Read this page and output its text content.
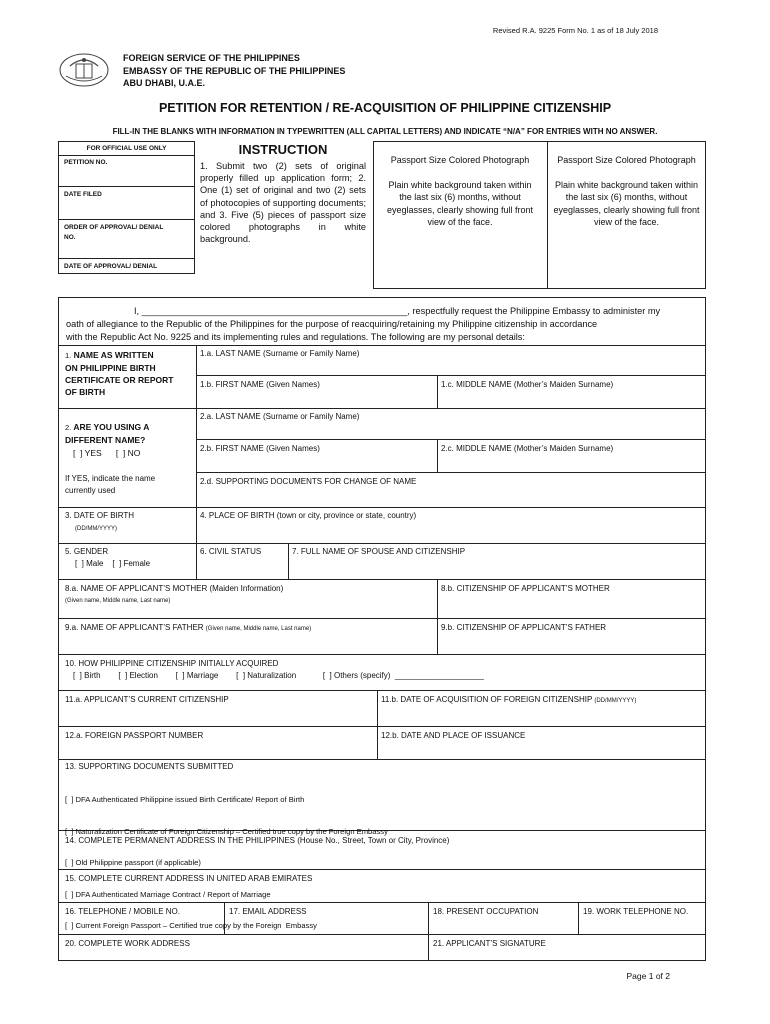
Revised R.A. 9225 Form No. 1 as of 18 July 2018
FOREIGN SERVICE OF THE PHILIPPINES
EMBASSY OF THE REPUBLIC OF THE PHILIPPINES
ABU DHABI, U.A.E.
PETITION FOR RETENTION / RE-ACQUISITION OF PHILIPPINE CITIZENSHIP
FILL-IN THE BLANKS WITH INFORMATION IN TYPEWRITTEN (ALL CAPITAL LETTERS) AND INDICATE “N/A” FOR ENTRIES WITH NO ANSWER.
FOR OFFICIAL USE ONLY
PETITION NO.
DATE FILED
ORDER OF APPROVAL/ DENIAL
NO.
DATE OF APPROVAL/ DENIAL
INSTRUCTION
1. Submit two (2) sets of original properly filled up application form; 2. One (1) set of original and two (2) sets of photocopies of supporting documents; and 3. Five (5) pieces of passport size colored photographs in white background.
Passport Size Colored Photograph
Plain white background taken within the last six (6) months, without eyeglasses, clearly showing full front view of the face.
Passport Size Colored Photograph
Plain white background taken within the last six (6) months, without eyeglasses, clearly showing full front view of the face.
I, ____________________________________________________, respectfully request the Philippine Embassy to administer my
oath of allegiance to the Republic of the Philippines for the purpose of reacquiring/retaining my Philippine citizenship in accordance
with the Republic Act No. 9225 and its implementing rules and regulations. The following are my personal details:
1. NAME AS WRITTEN
ON PHILIPPINE BIRTH
CERTIFICATE OR REPORT
OF BIRTH
1.a. LAST NAME (Surname or Family Name)
1.b. FIRST NAME (Given Names)	1.c. MIDDLE NAME (Mother’s Maiden Surname)
2. ARE YOU USING A
DIFFERENT NAME?
[  ] YES      [  ] NO
If YES, indicate the name
currently used
2.a. LAST NAME (Surname or Family Name)
2.b. FIRST NAME (Given Names)	2.c. MIDDLE NAME (Mother’s Maiden Surname)
2.d. SUPPORTING DOCUMENTS FOR CHANGE OF NAME
3. DATE OF BIRTH
(DD/MM/YYYY)
4. PLACE OF BIRTH (town or city, province or state, country)
5. GENDER
[  ] Male    [  ] Female
6. CIVIL STATUS	7. FULL NAME OF SPOUSE AND CITIZENSHIP
8.a. NAME OF APPLICANT’S MOTHER (Maiden Information)
(Given name, Middle name, Last name)
8.b. CITIZENSHIP OF APPLICANT’S MOTHER
9.a. NAME OF APPLICANT’S FATHER (Given name, Middle name, Last name)	9.b. CITIZENSHIP OF APPLICANT’S FATHER
10. HOW PHILIPPINE CITIZENSHIP INITIALLY ACQUIRED
[  ] Birth        [  ] Election        [  ] Marriage        [  ] Naturalization            [  ] Others (specify)  ____________________
11.a. APPLICANT’S CURRENT CITIZENSHIP	11.b. DATE OF ACQUISITION OF FOREIGN CITIZENSHIP (DD/MM/YYYY)
12.a. FOREIGN PASSPORT NUMBER	12.b. DATE AND PLACE OF ISSUANCE
13. SUPPORTING DOCUMENTS SUBMITTED

[  ] DFA Authenticated Philippine issued Birth Certificate/ Report of Birth

[  ] Naturalization Certificate of Foreign Citizenship – Certified true copy by the Foreign Embassy

[  ] Old Philippine passport (if applicable)

[  ] DFA Authenticated Marriage Contract / Report of Marriage

[  ] Current Foreign Passport – Certified true copy by the Foreign  Embassy

14. COMPLETE PERMANENT ADDRESS IN THE PHILIPPINES (House No., Street, Town or City, Province)
15. COMPLETE CURRENT ADDRESS IN UNITED ARAB EMIRATES
16. TELEPHONE / MOBILE NO.	17. EMAIL ADDRESS	18. PRESENT OCCUPATION	19. WORK TELEPHONE NO.
20. COMPLETE WORK ADDRESS	21. APPLICANT’S SIGNATURE
Page 1 of 2
